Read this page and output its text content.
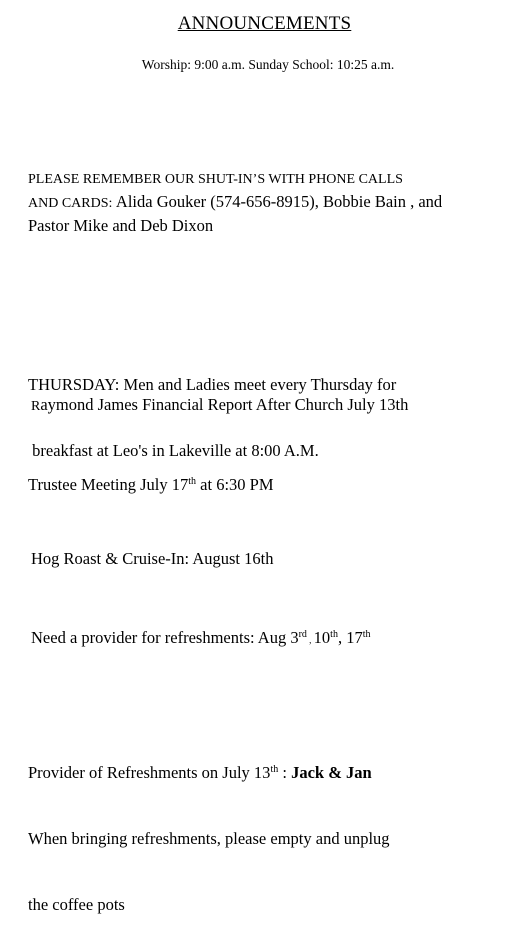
ANNOUNCEMENTS
Worship: 9:00 a.m. Sunday School: 10:25 a.m.
PLEASE REMEMBER OUR SHUT-IN’S WITH PHONE CALLS
AND CARDS: Alida Gouker (574-656-8915), Bobbie Bain , and
Pastor Mike and Deb Dixon

THURSDAY: Men and Ladies meet every Thursday for

breakfast at Leo's in Lakeville at 8:00 A.M.

Raymond James Financial Report After Church July 13th
Trustee Meeting July 17th at 6:30 PM
Hog Roast & Cruise-In: August 16th
Need a provider for refreshments: Aug 3rd , 10th, 17th

Provider of Refreshments on July 13th : Jack & Jan

When bringing refreshments, please empty and unplug

the coffee pots
